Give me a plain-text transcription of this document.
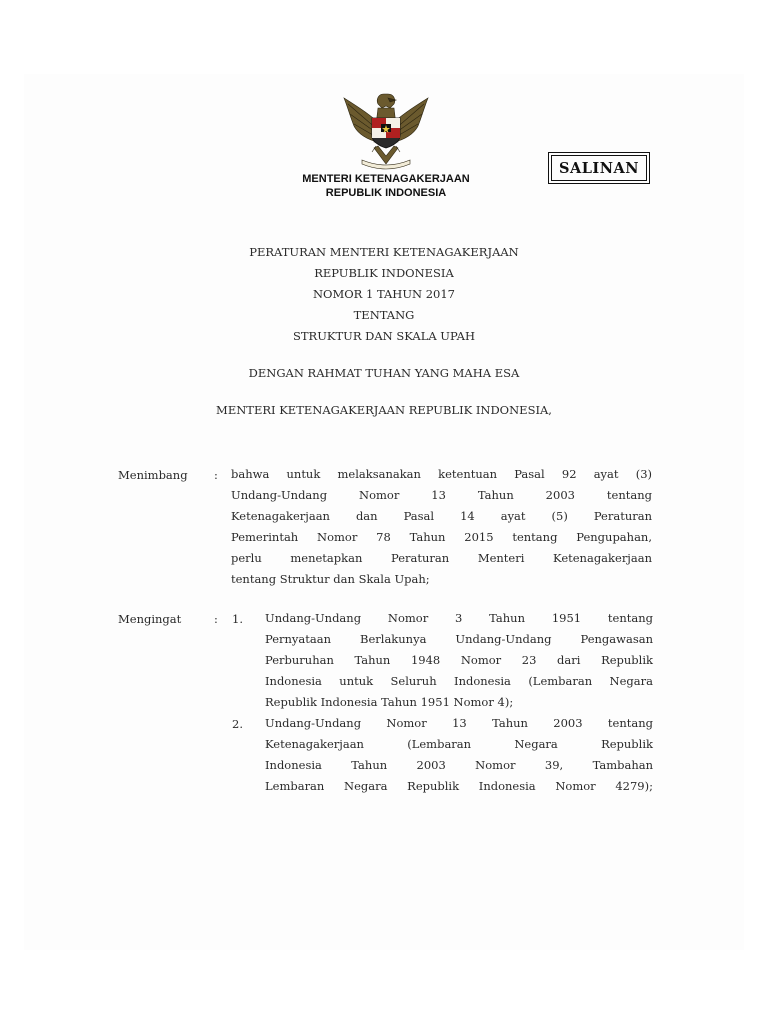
MENTERI KETENAGAKERJAAN
REPUBLIK INDONESIA
SALINAN
PERATURAN MENTERI KETENAGAKERJAAN
REPUBLIK INDONESIA
NOMOR 1 TAHUN 2017
TENTANG
STRUKTUR DAN SKALA UPAH
DENGAN RAHMAT TUHAN YANG MAHA ESA
MENTERI KETENAGAKERJAAN REPUBLIK INDONESIA,
Menimbang : bahwa untuk melaksanakan ketentuan Pasal 92 ayat (3)
Undang-Undang Nomor 13 Tahun 2003 tentang
Ketenagakerjaan dan Pasal 14 ayat (5) Peraturan
Pemerintah Nomor 78 Tahun 2015 tentang Pengupahan,
perlu menetapkan Peraturan Menteri Ketenagakerjaan
tentang Struktur dan Skala Upah;
Mengingat	: 1. Undang-Undang Nomor 3 Tahun 1951 tentang
Pernyataan Berlakunya Undang-Undang Pengawasan
Perburuhan Tahun 1948 Nomor 23 dari Republik
Indonesia untuk Seluruh Indonesia (Lembaran Negara
Republik Indonesia Tahun 1951 Nomor 4);
2. Undang-Undang Nomor 13 Tahun 2003 tentang
Ketenagakerjaan (Lembaran Negara Republik
Indonesia Tahun 2003 Nomor 39, Tambahan
Lembaran Negara Republik Indonesia Nomor 4279);
